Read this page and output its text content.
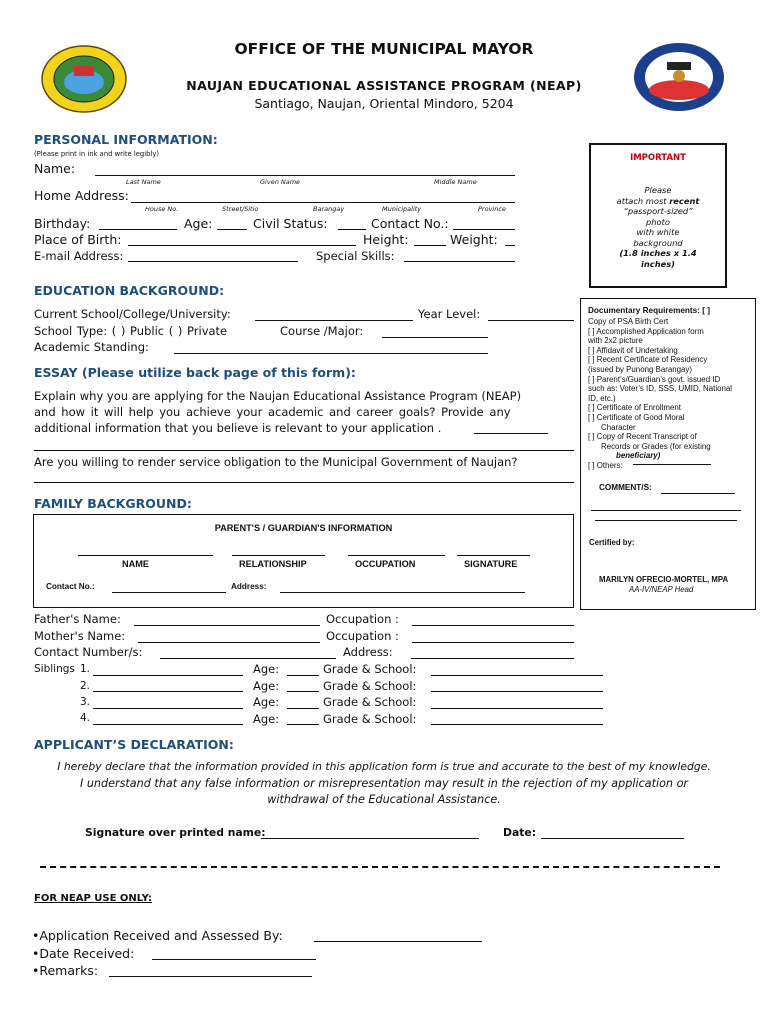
OFFICE OF THE MUNICIPAL MAYOR
NAUJAN EDUCATIONAL ASSISTANCE PROGRAM (NEAP)
Santiago, Naujan, Oriental Mindoro, 5204
PERSONAL INFORMATION:
(Please print in ink and write legibly)
Name:
Last Name	Given Name	Middle Name
Home Address:
House No.	Street/Sitio	Barangay	Municipality	Province
Birthday:	Age:	Civil Status:	Contact No.:
Place of Birth:	Height:	Weight:
E-mail Address:	Special Skills:
IMPORTANT
Please
attach most recent
“passport-sized”
photo
with white
background
(1.8 inches x 1.4
inches)
Documentary Requirements: [ ]
Copy of PSA Birth Cert
[ ] Accomplished Application form
with 2x2 picture
[ ] Affidavit of Undertaking
[ ] Recent Certificate of Residency
(issued by Punong Barangay)
[ ] Parent’s/Guardian’s govt. issued ID
such as: Voter’s ID, SSS, UMID, National
ID, etc.)
[ ] Certificate of Enrollment
[ ] Certificate of Good Moral
Character
[ ] Copy of Recent Transcript of
Records or Grades (for existing
beneficiary)
[ ] Others:
COMMENT/S:
Certified by:
MARILYN OFRECIO-MORTEL, MPA
AA-IV/NEAP Head
EDUCATION BACKGROUND:
Current School/College/University:	Year Level:
School Type: ( ) Public ( ) Private	Course /Major:
Academic Standing:
ESSAY (Please utilize back page of this form):
Explain why you are applying for the Naujan Educational Assistance Program (NEAP)
and how it will help you achieve your academic and career goals? Provide any
additional information that you believe is relevant to your application .
Are you willing to render service obligation to the Municipal Government of Naujan?
FAMILY BACKGROUND:
PARENT'S / GUARDIAN'S INFORMATION
NAME	RELATIONSHIP	OCCUPATION	SIGNATURE
Contact No.:	Address:
Father's Name:	Occupation :
Mother's Name:	Occupation :
Contact Number/s:	Address:
Siblings 1.	Age:	Grade & School:
2.	Age:	Grade & School:
3.	Age:	Grade & School:
4.	Age:	Grade & School:
APPLICANT’S DECLARATION:
I hereby declare that the information provided in this application form is true and accurate to the best of my knowledge.
I understand that any false information or misrepresentation may result in the rejection of my application or
withdrawal of the Educational Assistance.
Signature over printed name:	Date:
FOR NEAP USE ONLY:
•Application Received and Assessed By:
•Date Received:
•Remarks:
